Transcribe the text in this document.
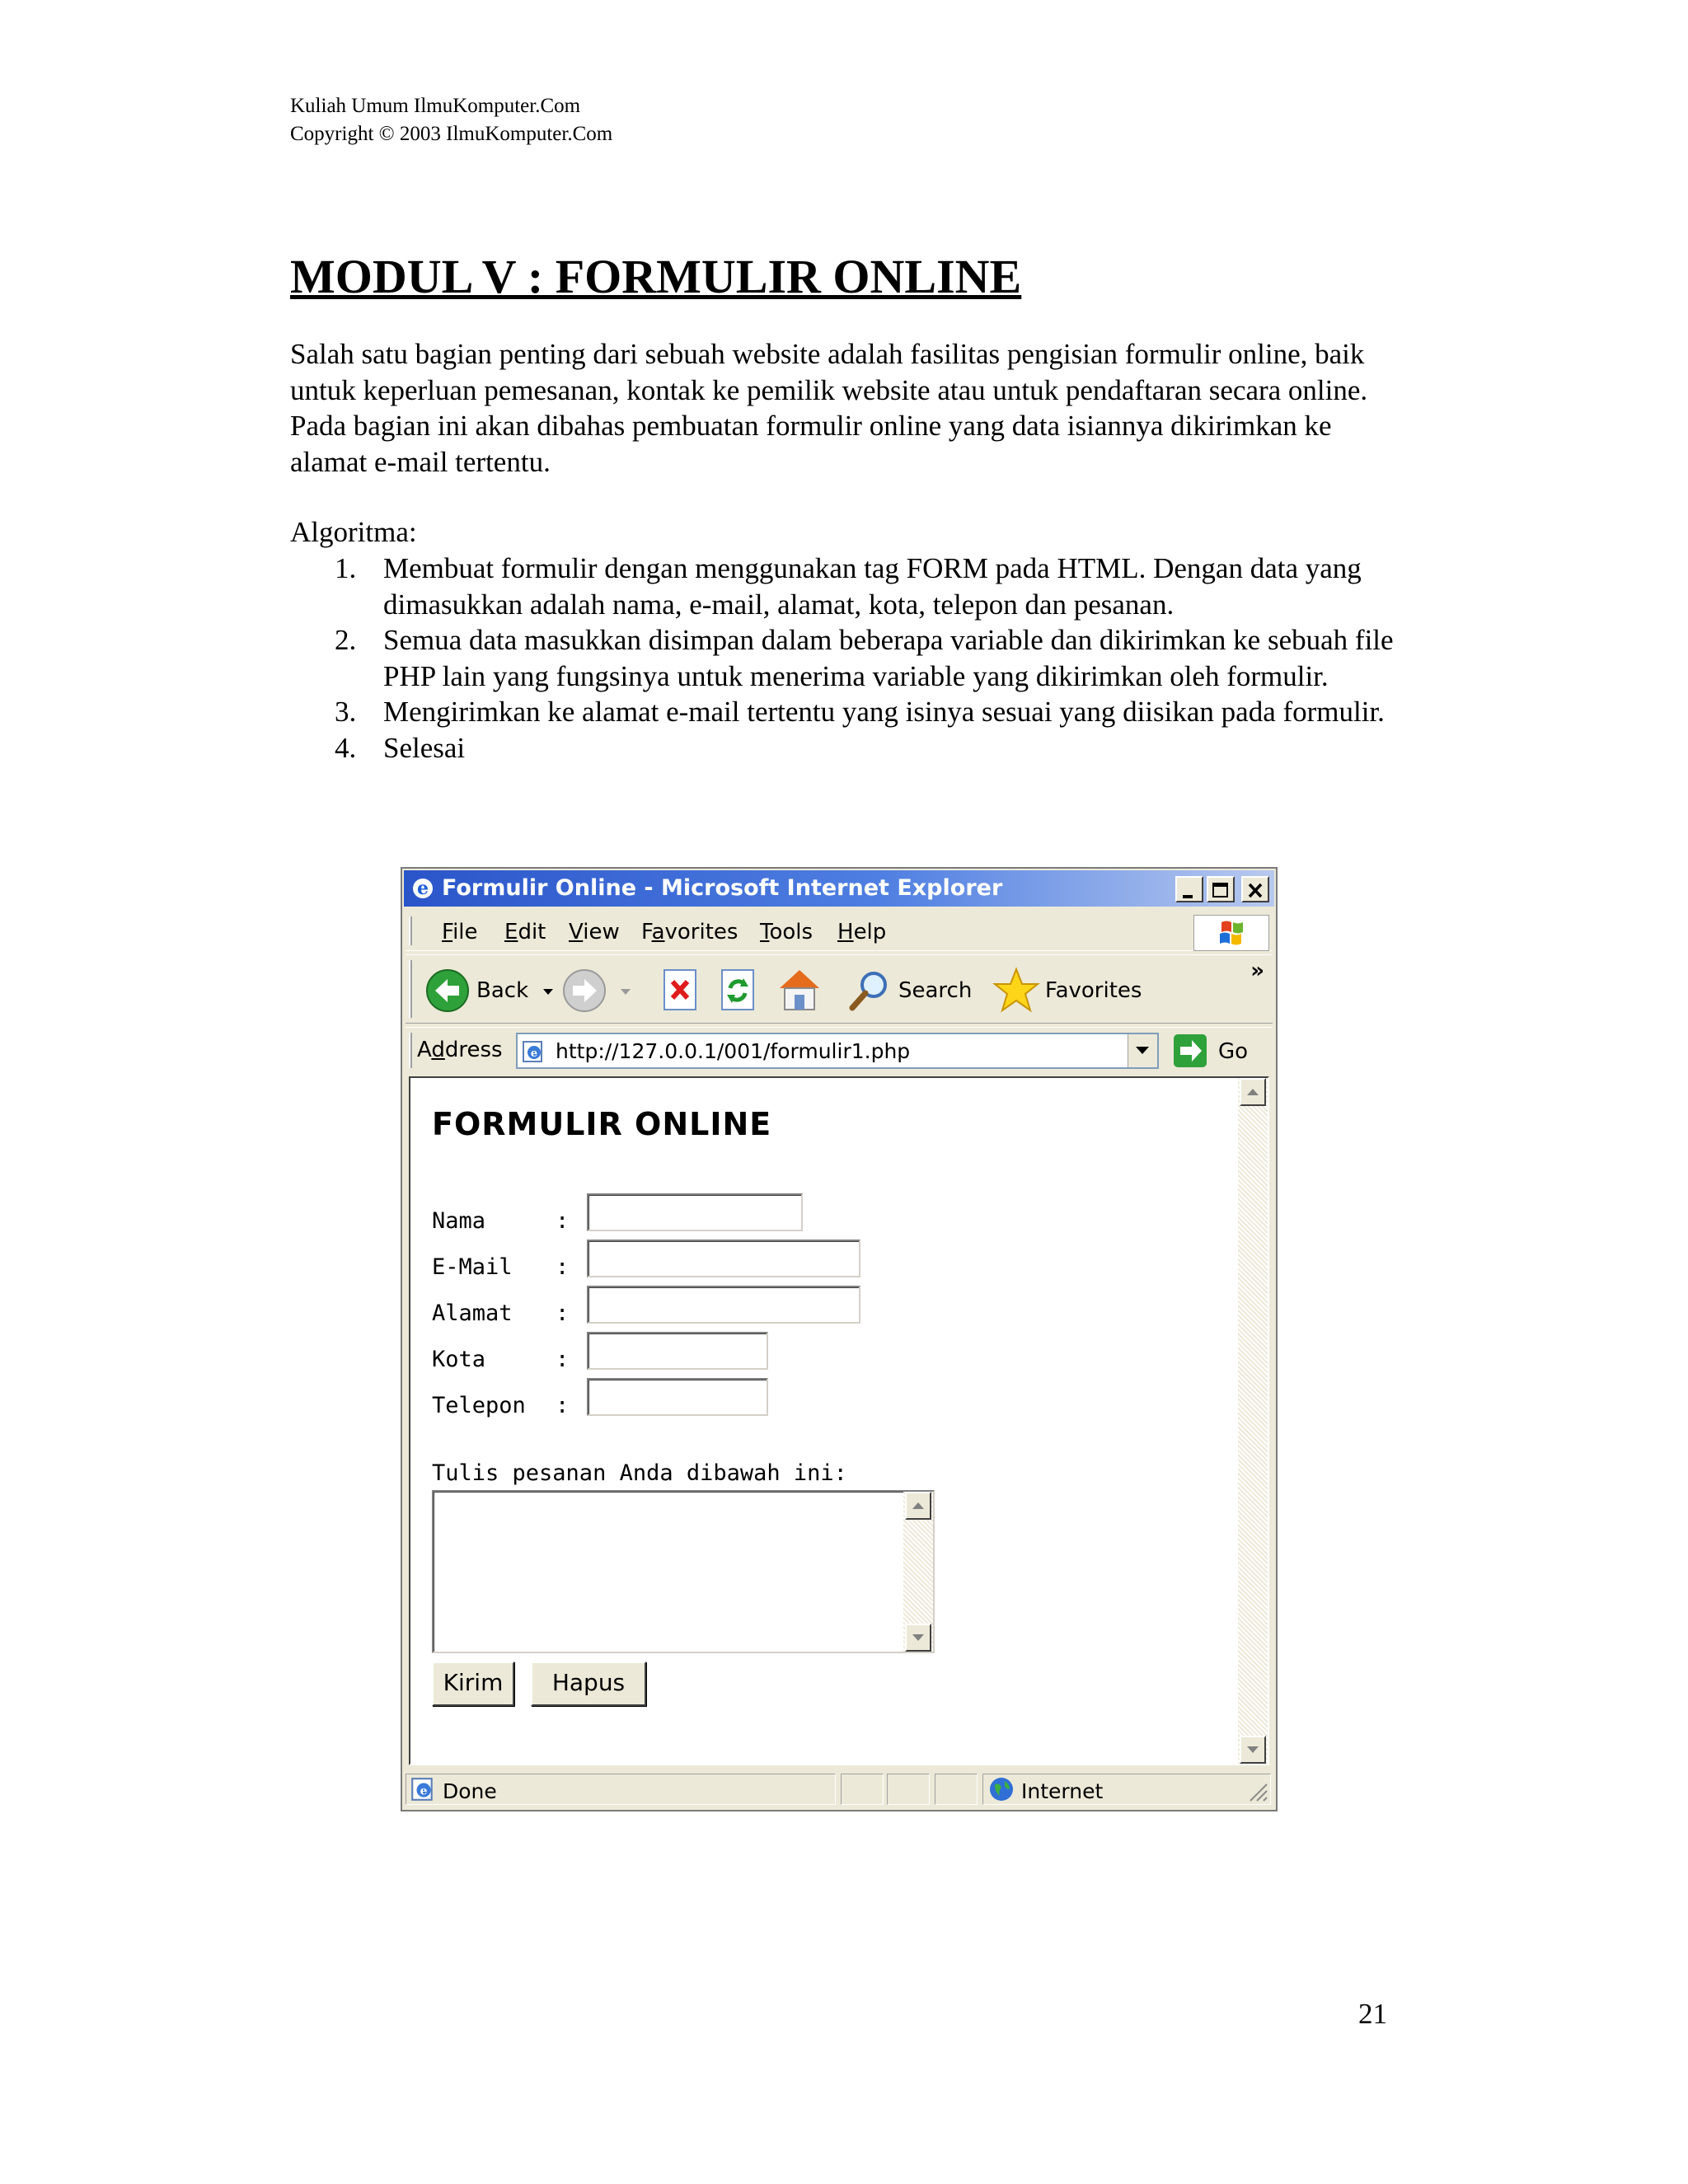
Kuliah Umum IlmuKomputer.Com
Copyright © 2003 IlmuKomputer.Com
MODUL V : FORMULIR ONLINE

Salah satu bagian penting dari sebuah website adalah fasilitas pengisian formulir online, baik untuk keperluan pemesanan, kontak ke pemilik website atau untuk pendaftaran secara online. Pada bagian ini akan dibahas pembuatan formulir online yang data isiannya dikirimkan ke alamat e-mail tertentu.

Algoritma:
1. Membuat formulir dengan menggunakan tag FORM pada HTML. Dengan data yang dimasukkan adalah nama, e-mail, alamat, kota, telepon dan pesanan.
2. Semua data masukkan disimpan dalam beberapa variable dan dikirimkan ke sebuah file PHP lain yang fungsinya untuk menerima variable yang dikirimkan oleh formulir.
3. Mengirimkan ke alamat e-mail tertentu yang isinya sesuai yang diisikan pada formulir.
4. Selesai
e Formulir Online - Microsoft Internet Explorer
File Edit View Favorites Tools Help
Back	Search	Favorites
»
Address	e http://127.0.0.1/001/formulir1.php	Go
FORMULIR ONLINE
Nama	:
E-Mail :
Alamat :
Kota	:
Telepon :
Tulis pesanan Anda dibawah ini:
Kirim	Hapus
e Done	Internet
21
